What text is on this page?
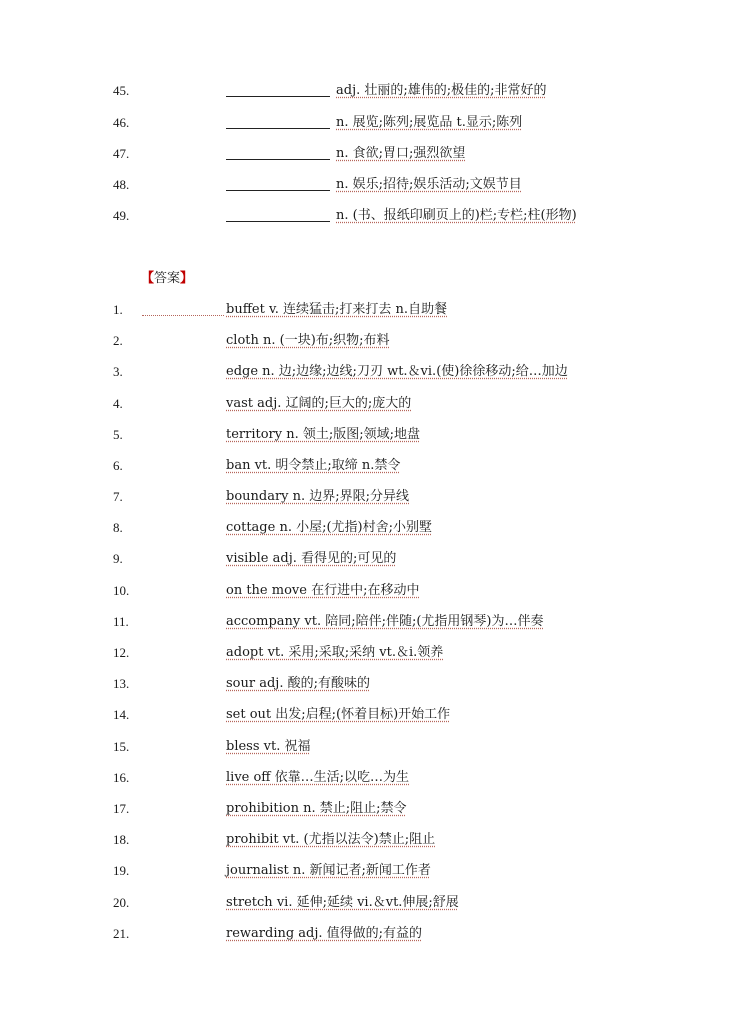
45.	adj. 壮丽的;雄伟的;极佳的;非常好的
46.	n. 展览;陈列;展览品 t.显示;陈列
47.	n. 食欲;胃口;强烈欲望
48.	n. 娱乐;招待;娱乐活动;文娱节目
49.	n. (书、报纸印刷页上的)栏;专栏;柱(形物)
【答案】
1.	buffet v. 连续猛击;打来打去 n.自助餐
2.	cloth n. (一块)布;织物;布料
3.	edge n. 边;边缘;边线;刀刃 wt.＆vi.(使)徐徐移动;给…加边
4.	vast adj. 辽阔的;巨大的;庞大的
5.	territory n. 领土;版图;领域;地盘
6.	ban vt. 明令禁止;取缔 n.禁令
7.	boundary n. 边界;界限;分异线
8.	cottage n. 小屋;(尤指)村舍;小别墅
9.	visible adj. 看得见的;可见的
10.	on the move 在行进中;在移动中
11.	accompany vt. 陪同;陪伴;伴随;(尤指用钢琴)为…伴奏
12.	adopt vt. 采用;采取;采纳 vt.＆i.领养
13.	sour adj. 酸的;有酸味的
14.	set out 出发;启程;(怀着目标)开始工作
15.	bless vt. 祝福
16.	live off 依靠…生活;以吃…为生
17.	prohibition n. 禁止;阻止;禁令
18.	prohibit vt. (尤指以法令)禁止;阻止
19.	journalist n. 新闻记者;新闻工作者
20.	stretch vi. 延伸;延续 vi.＆vt.伸展;舒展
21.	rewarding adj. 值得做的;有益的
